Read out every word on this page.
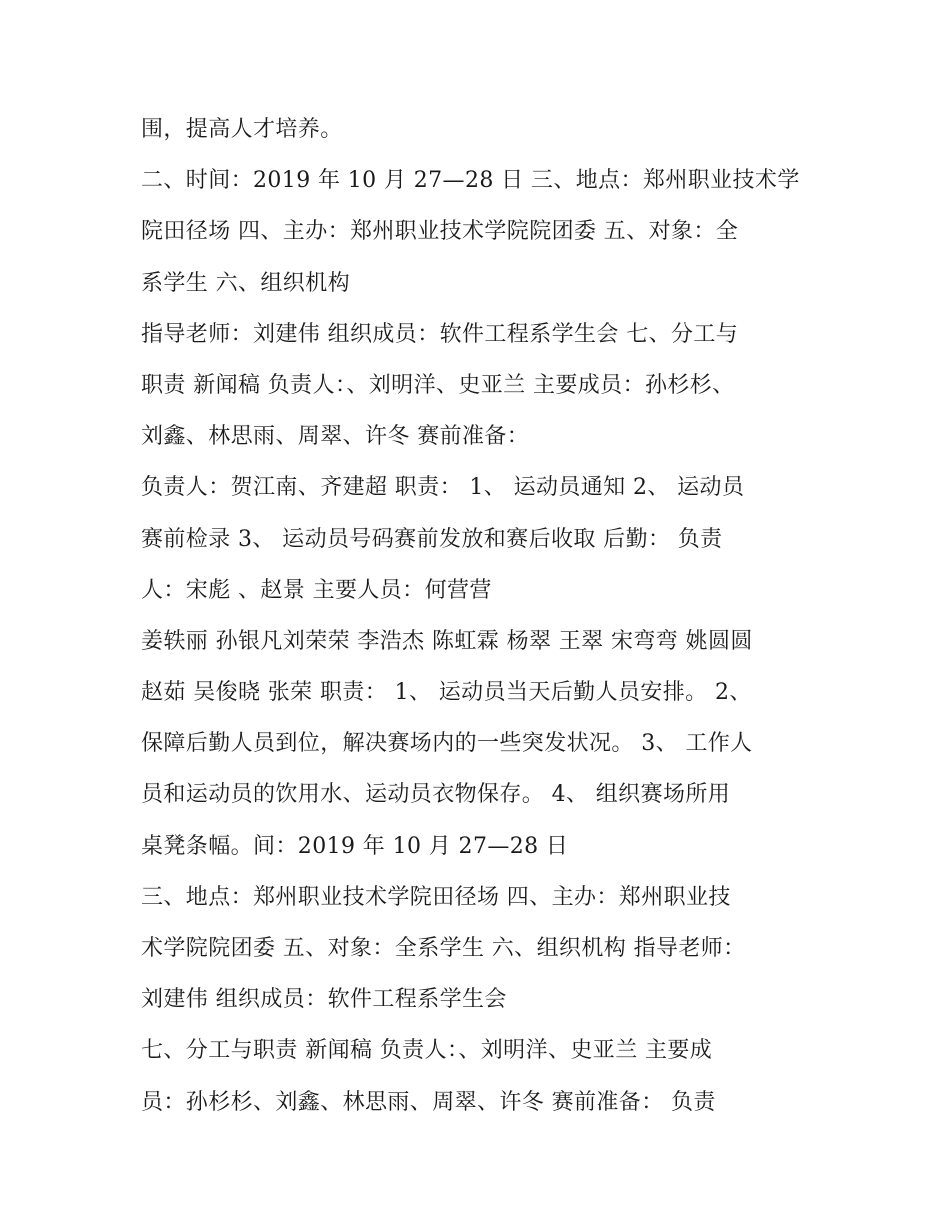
围，提高人才培养。
二、时间：2019 年 10 月 27—28 日 三、地点：郑州职业技术学
院田径场 四、主办：郑州职业技术学院院团委 五、对象：全
系学生 六、组织机构
指导老师：刘建伟 组织成员：软件工程系学生会 七、分工与
职责 新闻稿 负责人：、刘明洋、史亚兰 主要成员：孙杉杉、
刘鑫、林思雨、周翠、许冬 赛前准备：
负责人：贺江南、齐建超 职责： 1、 运动员通知 2、 运动员
赛前检录 3、 运动员号码赛前发放和赛后收取 后勤： 负责
人：宋彪 、赵景 主要人员：何营营
姜轶丽 孙银凡刘荣荣 李浩杰 陈虹霖 杨翠 王翠 宋弯弯 姚圆圆
赵茹 吴俊晓 张荣 职责： 1、 运动员当天后勤人员安排。 2、
保障后勤人员到位，解决赛场内的一些突发状况。 3、 工作人
员和运动员的饮用水、运动员衣物保存。 4、 组织赛场所用
桌凳条幅。间：2019 年 10 月 27—28 日
三、地点：郑州职业技术学院田径场 四、主办：郑州职业技
术学院院团委 五、对象：全系学生 六、组织机构 指导老师：
刘建伟 组织成员：软件工程系学生会
七、分工与职责 新闻稿 负责人：、刘明洋、史亚兰 主要成
员：孙杉杉、刘鑫、林思雨、周翠、许冬 赛前准备： 负责
